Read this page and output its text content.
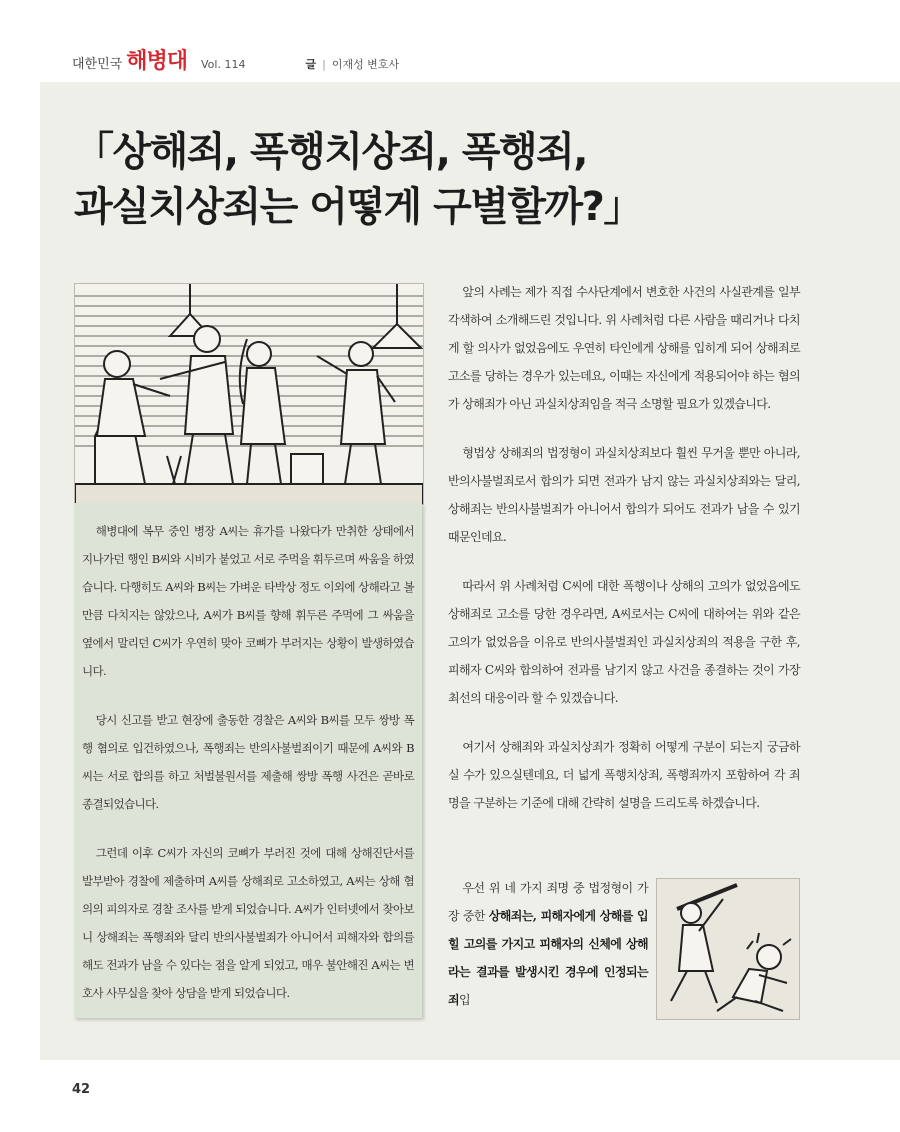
대한민국 해병대 Vol. 114	글 | 이재성 변호사
「상해죄, 폭행치상죄, 폭행죄,
과실치상죄는 어떻게 구별할까?」

해병대에 복무 중인 병장 A씨는 휴가를 나왔다가 만취한 상태에서 지나가던 행인 B씨와 시비가 붙었고 서로 주먹을 휘두르며 싸움을 하였습니다. 다행히도 A씨와 B씨는 가벼운 타박상 정도 이외에 상해라고 볼만큼 다치지는 않았으나, A씨가 B씨를 향해 휘두른 주먹에 그 싸움을 옆에서 말리던 C씨가 우연히 맞아 코뼈가 부러지는 상황이 발생하였습니다.

당시 신고를 받고 현장에 출동한 경찰은 A씨와 B씨를 모두 쌍방 폭행 혐의로 입건하였으나, 폭행죄는 반의사불벌죄이기 때문에 A씨와 B씨는 서로 합의를 하고 처벌불원서를 제출해 쌍방 폭행 사건은 곧바로 종결되었습니다.

그런데 이후 C씨가 자신의 코뼈가 부러진 것에 대해 상해진단서를 발부받아 경찰에 제출하며 A씨를 상해죄로 고소하였고, A씨는 상해 혐의의 피의자로 경찰 조사를 받게 되었습니다. A씨가 인터넷에서 찾아보니 상해죄는 폭행죄와 달리 반의사불벌죄가 아니어서 피해자와 합의를 해도 전과가 남을 수 있다는 점을 알게 되었고, 매우 불안해진 A씨는 변호사 사무실을 찾아 상담을 받게 되었습니다.

앞의 사례는 제가 직접 수사단계에서 변호한 사건의 사실관계를 일부 각색하여 소개해드린 것입니다. 위 사례처럼 다른 사람을 때리거나 다치게 할 의사가 없었음에도 우연히 타인에게 상해를 입히게 되어 상해죄로 고소를 당하는 경우가 있는데요, 이때는 자신에게 적용되어야 하는 혐의가 상해죄가 아닌 과실치상죄임을 적극 소명할 필요가 있겠습니다.

형법상 상해죄의 법정형이 과실치상죄보다 훨씬 무거울 뿐만 아니라, 반의사불벌죄로서 합의가 되면 전과가 남지 않는 과실치상죄와는 달리, 상해죄는 반의사불벌죄가 아니어서 합의가 되어도 전과가 남을 수 있기 때문인데요.

따라서 위 사례처럼 C씨에 대한 폭행이나 상해의 고의가 없었음에도 상해죄로 고소를 당한 경우라면, A씨로서는 C씨에 대하여는 위와 같은 고의가 없었음을 이유로 반의사불벌죄인 과실치상죄의 적용을 구한 후, 피해자 C씨와 합의하여 전과를 남기지 않고 사건을 종결하는 것이 가장 최선의 대응이라 할 수 있겠습니다.

여기서 상해죄와 과실치상죄가 정확히 어떻게 구분이 되는지 궁금하실 수가 있으실텐데요, 더 넓게 폭행치상죄, 폭행죄까지 포함하여 각 죄명을 구분하는 기준에 대해 간략히 설명을 드리도록 하겠습니다.

우선 위 네 가지 죄명 중 법정형이 가장 중한 상해죄는, 피해자에게 상해를 입힐 고의를 가지고 피해자의 신체에 상해라는 결과를 발생시킨 경우에 인정되는 죄입

42
